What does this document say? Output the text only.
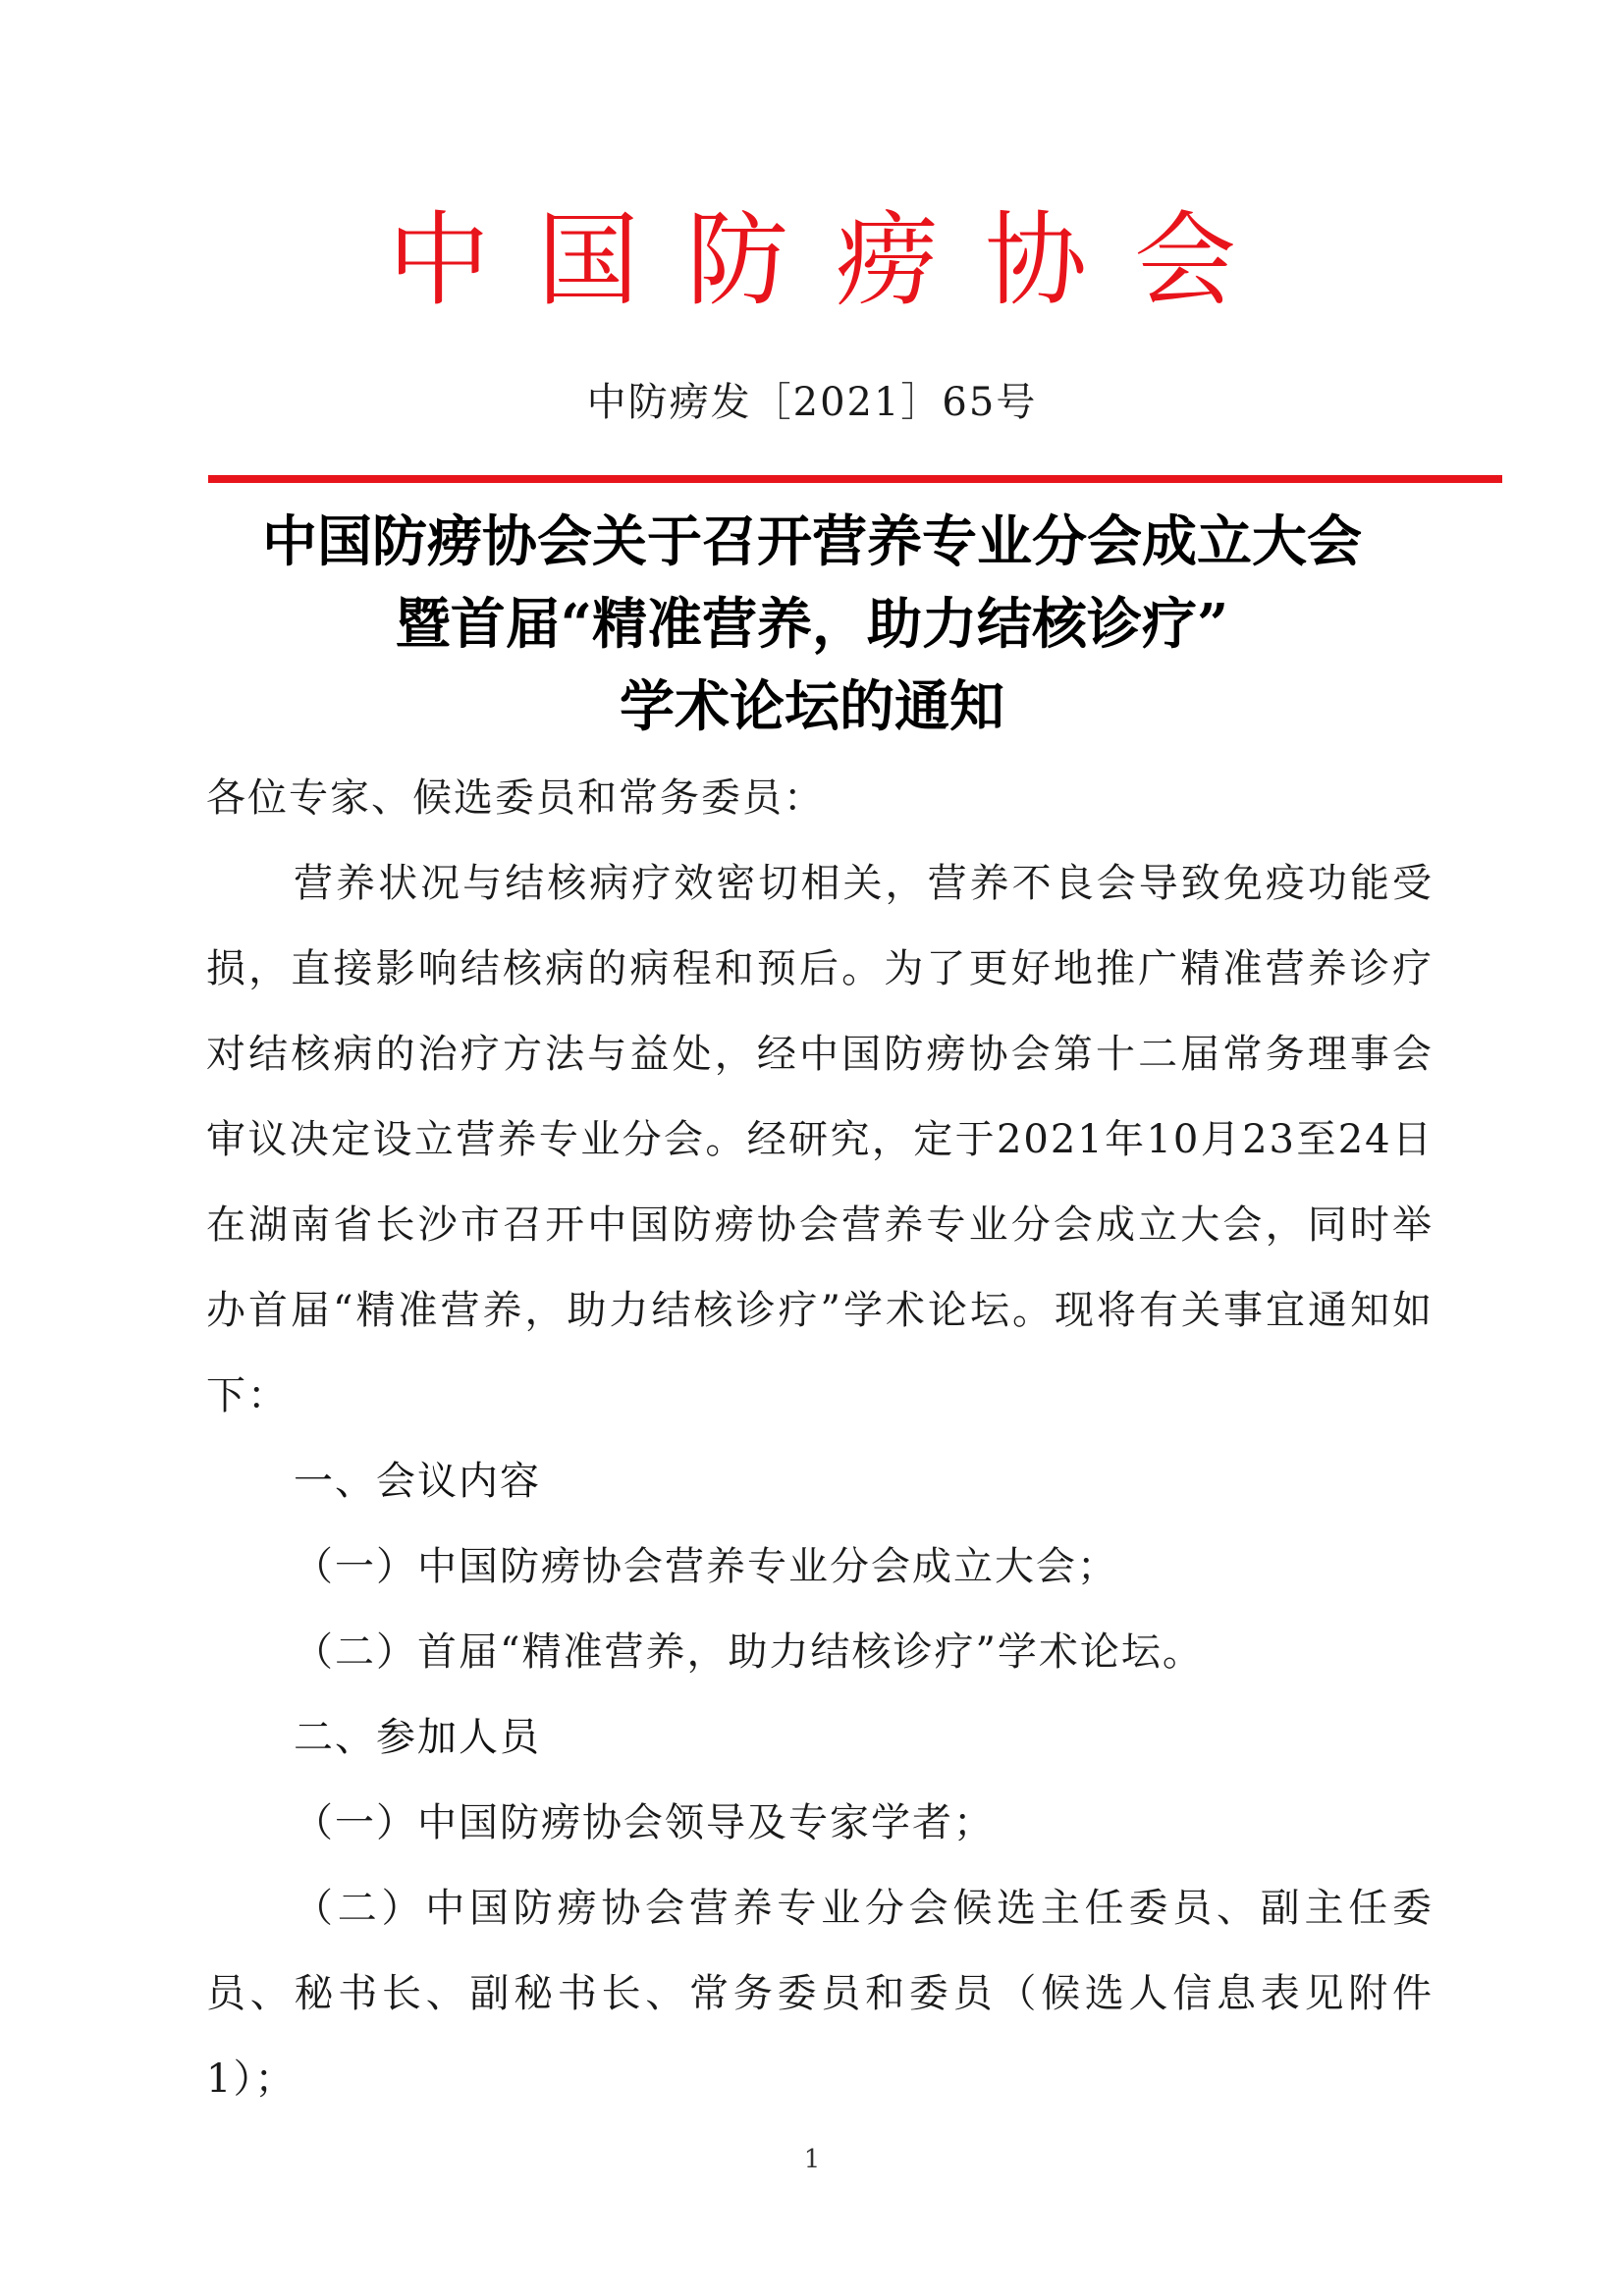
中国防痨协会
中防痨发［2021］65号
中国防痨协会关于召开营养专业分会成立大会
暨首届“精准营养，助力结核诊疗”
学术论坛的通知

各位专家、候选委员和常务委员：

营养状况与结核病疗效密切相关，营养不良会导致免疫功能受损，直接影响结核病的病程和预后。为了更好地推广精准营养诊疗对结核病的治疗方法与益处，经中国防痨协会第十二届常务理事会审议决定设立营养专业分会。经研究，定于2021年10月23至24日在湖南省长沙市召开中国防痨协会营养专业分会成立大会，同时举办首届“精准营养，助力结核诊疗”学术论坛。现将有关事宜通知如下：

一、会议内容

（一）中国防痨协会营养专业分会成立大会；

（二）首届“精准营养，助力结核诊疗”学术论坛。

二、参加人员

（一）中国防痨协会领导及专家学者；

（二）中国防痨协会营养专业分会候选主任委员、副主任委员、秘书长、副秘书长、常务委员和委员（候选人信息表见附件1）；

1
